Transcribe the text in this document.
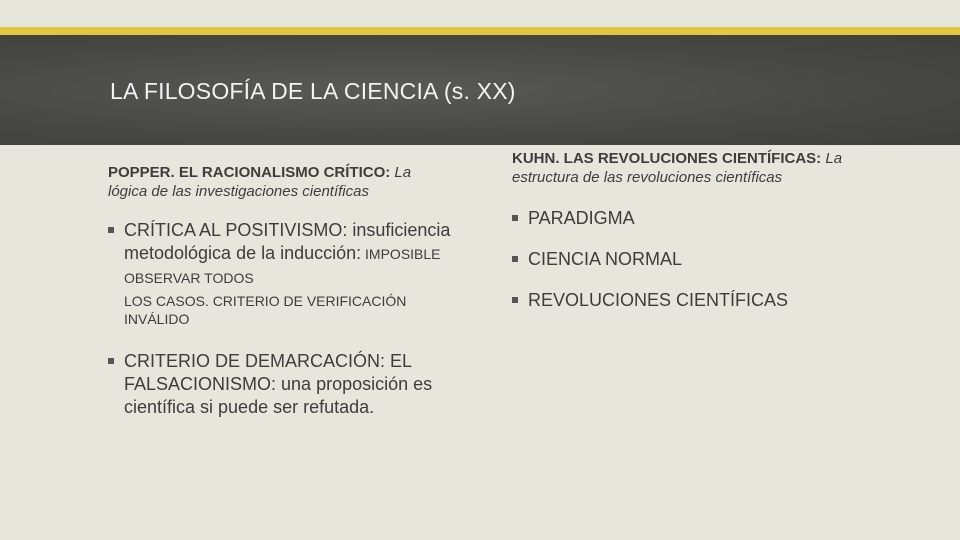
LA FILOSOFÍA DE LA CIENCIA (s. XX)

POPPER. EL RACIONALISMO CRÍTICO: La lógica de las investigaciones científicas

CRÍTICA AL POSITIVISMO: insuficiencia metodológica de la inducción: IMPOSIBLE OBSERVAR TODOS
LOS CASOS. CRITERIO DE VERIFICACIÓN INVÁLIDO
CRITERIO DE DEMARCACIÓN: EL FALSACIONISMO: una proposición es científica si puede ser refutada.

KUHN. LAS REVOLUCIONES CIENTÍFICAS: La estructura de las revoluciones científicas

PARADIGMA
CIENCIA NORMAL
REVOLUCIONES CIENTÍFICAS
